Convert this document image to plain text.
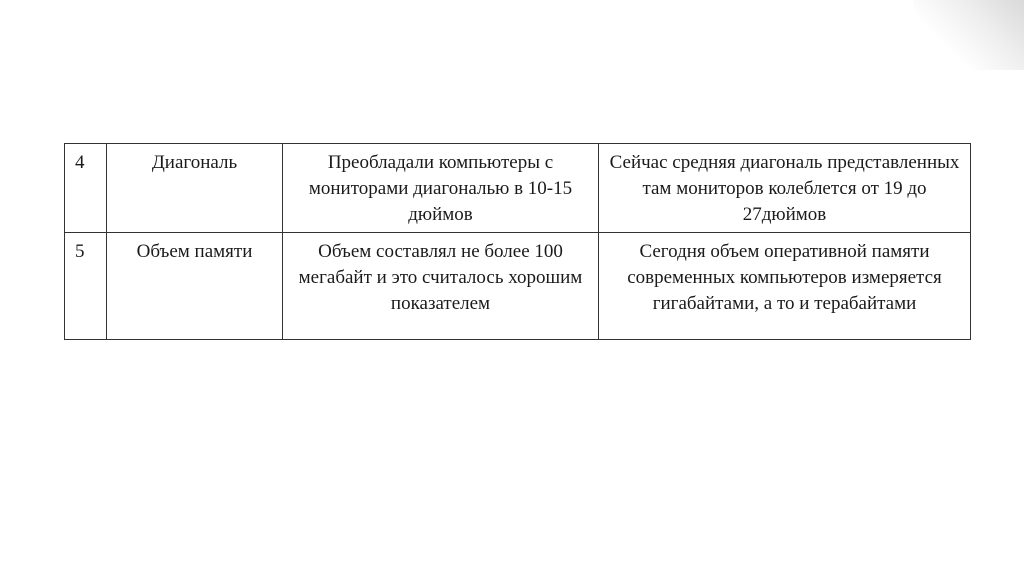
4	Диагональ	Преобладали компьютеры с мониторами диагональю в 10-15 дюймов	Сейчас средняя диагональ представленных там мониторов колеблется от 19 до 27дюймов
5	Объем памяти	Объем составлял не более 100 мегабайт и это считалось хорошим показателем	Сегодня объем оперативной памяти современных компьютеров измеряется гигабайтами, а то и терабайтами
